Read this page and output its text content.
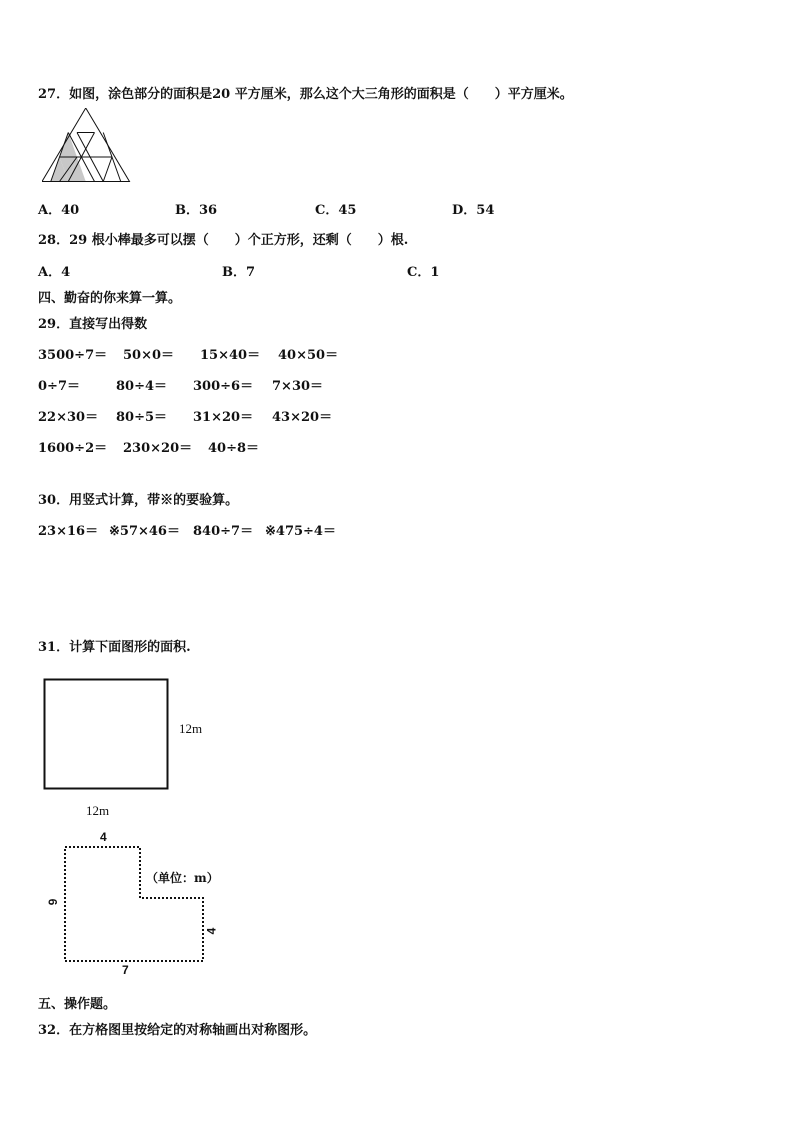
27．如图，涂色部分的面积是20 平方厘米，那么这个大三角形的面积是（　　）平方厘米。
A．40	B．36	C．45	D．54
28．29 根小棒最多可以摆（　　）个正方形，还剩（　　）根.
A．4	B．7	C．1
四、勤奋的你来算一算。
29．直接写出得数
3500÷7＝ 50×0＝ 15×40＝ 40×50＝
0÷7＝	80÷4＝ 300÷6＝ 7×30＝
22×30＝ 80÷5＝ 31×20＝ 43×20＝
1600÷2＝ 230×20＝ 40÷8＝
30．用竖式计算，带※的要验算。
23×16＝ ※57×46＝ 840÷7＝ ※475÷4＝
31．计算下面图形的面积.
12m
12m
4
6
4
7
（单位：m）
五、操作题。
32．在方格图里按给定的对称轴画出对称图形。
